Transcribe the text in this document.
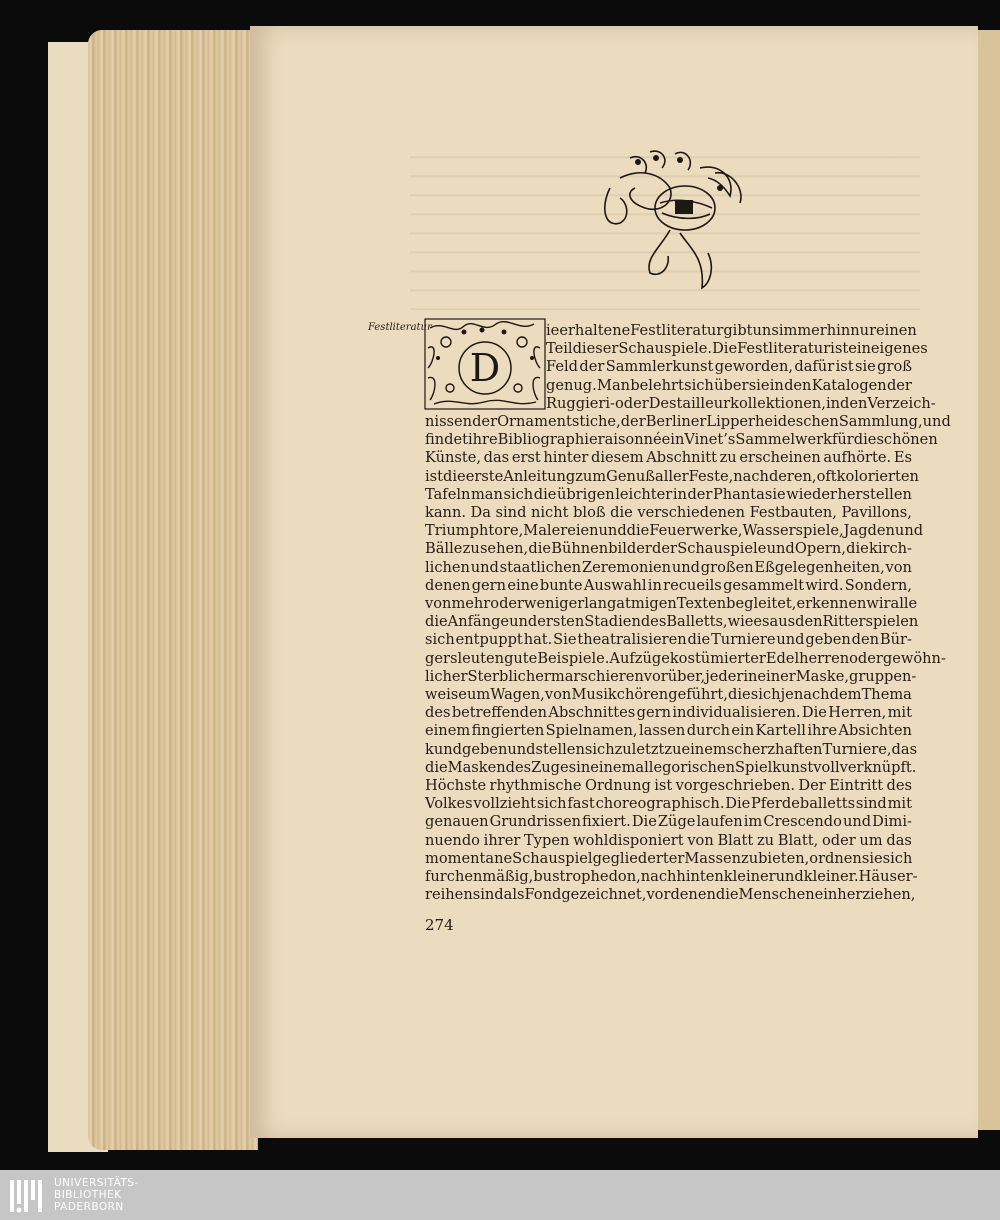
D
Festliteratur	ie erhaltene Festliteratur gibt uns immerhin nur einen
Teil dieser Schauspiele. Die Festliteratur ist ein eigenes
Feld der Sammlerkunst geworden, dafür ist sie groß
genug. Man belehrt sich über sie in den Katalogen der
Ruggieri- oder Destailleurkollektionen, in den Verzeich-
nissen der Ornamentstiche, der Berliner Lipperheideschen Sammlung, und
findet ihre Bibliographie raisonnée in Vinet’s Sammelwerk für die schönen
Künste, das erst hinter diesem Abschnitt zu erscheinen aufhörte. Es
ist die erste Anleitung zum Genuß aller Feste, nach deren, oft kolorierten
Tafeln man sich die übrigen leichter in der Phantasie wieder herstellen
kann. Da sind nicht bloß die verschiedenen Festbauten, Pavillons,
Triumphtore, Malereien und die Feuerwerke, Wasserspiele, Jagden und
Bälle zu sehen, die Bühnenbilder der Schauspiele und Opern, die kirch-
lichen und staatlichen Zeremonien und großen Eßgelegenheiten, von
denen gern eine bunte Auswahl in recueils gesammelt wird. Sondern,
von mehr oder weniger langatmigen Texten begleitet, erkennen wir alle
die Anfänge und ersten Stadien des Balletts, wie es aus den Ritterspielen
sich entpuppt hat. Sie theatralisieren die Turniere und geben den Bür-
gersleuten gute Beispiele. Aufzüge kostümierter Edelherren oder gewöhn-
licher Sterblicher marschieren vorüber, jeder in einer Maske, gruppen-
weise um Wagen, von Musikchören geführt, die sich je nach dem Thema
des betreffenden Abschnittes gern individualisieren. Die Herren, mit
einem fingierten Spielnamen, lassen durch ein Kartell ihre Absichten
kundgeben und stellen sich zuletzt zu einem scherzhaften Turniere, das
die Masken des Zuges in einem allegorischen Spiel kunstvoll verknüpft.
Höchste rhythmische Ordnung ist vorgeschrieben. Der Eintritt des
Volkes vollzieht sich fast choreographisch. Die Pferdeballetts sind mit
genauen Grundrissen fixiert. Die Züge laufen im Crescendo und Dimi-
nuendo ihrer Typen wohldisponiert von Blatt zu Blatt, oder um das
momentane Schauspiel gegliederter Massen zu bieten, ordnen sie sich
furchenmäßig, bustrophedon, nach hinten kleiner und kleiner. Häuser-
reihen sind als Fond gezeichnet, vor denen die Menschen einherziehen,
274
UNIVERSITÄTS-
BIBLIOTHEK
PADERBORN
